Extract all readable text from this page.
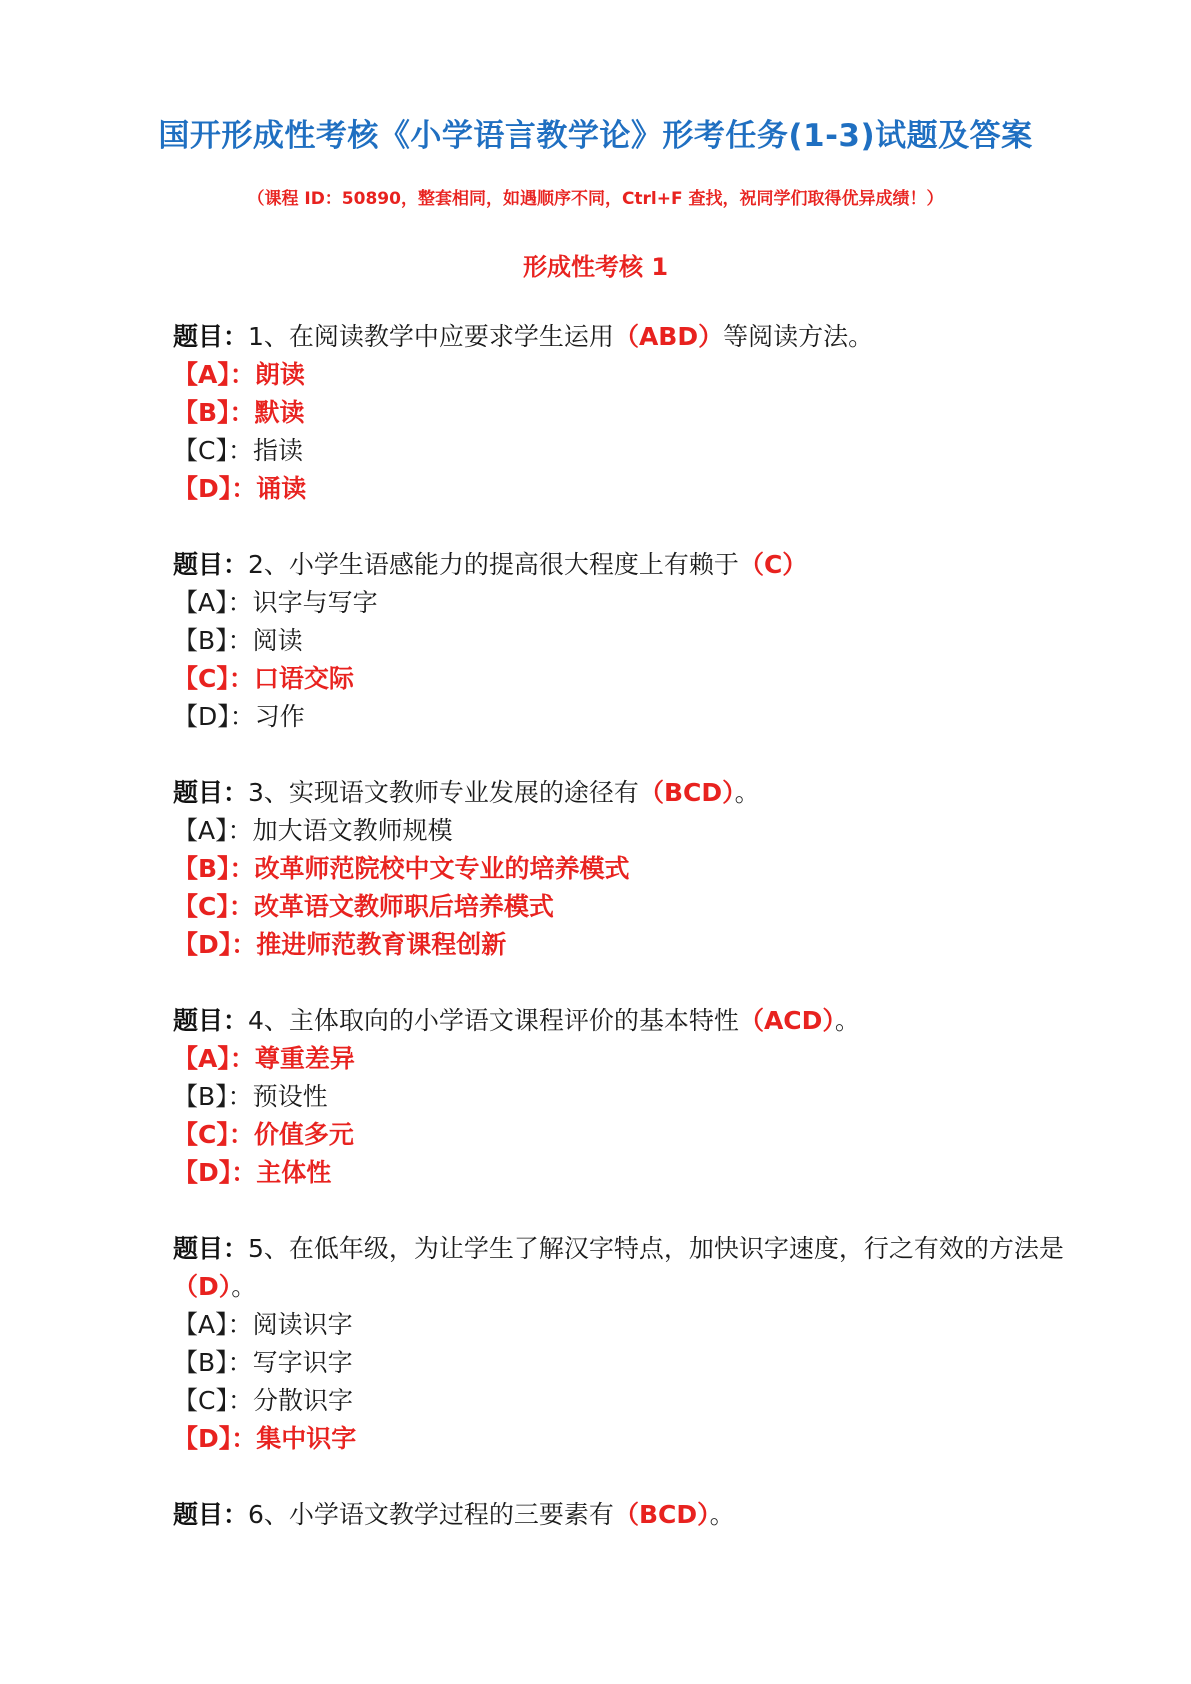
国开形成性考核《小学语言教学论》形考任务(1-3)试题及答案
（课程 ID：50890，整套相同，如遇顺序不同，Ctrl+F 查找，祝同学们取得优异成绩！）
形成性考核 1
题目：1、在阅读教学中应要求学生运用（ABD）等阅读方法。
【A】：朗读
【B】：默读
【C】：指读
【D】：诵读
题目：2、小学生语感能力的提高很大程度上有赖于（C）
【A】：识字与写字
【B】：阅读
【C】：口语交际
【D】：习作
题目：3、实现语文教师专业发展的途径有（BCD）。
【A】：加大语文教师规模
【B】：改革师范院校中文专业的培养模式
【C】：改革语文教师职后培养模式
【D】：推进师范教育课程创新
题目：4、主体取向的小学语文课程评价的基本特性（ACD）。
【A】：尊重差异
【B】：预设性
【C】：价值多元
【D】：主体性
题目：5、在低年级，为让学生了解汉字特点，加快识字速度，行之有效的方法是（D）。
【A】：阅读识字
【B】：写字识字
【C】：分散识字
【D】：集中识字
题目：6、小学语文教学过程的三要素有（BCD）。
